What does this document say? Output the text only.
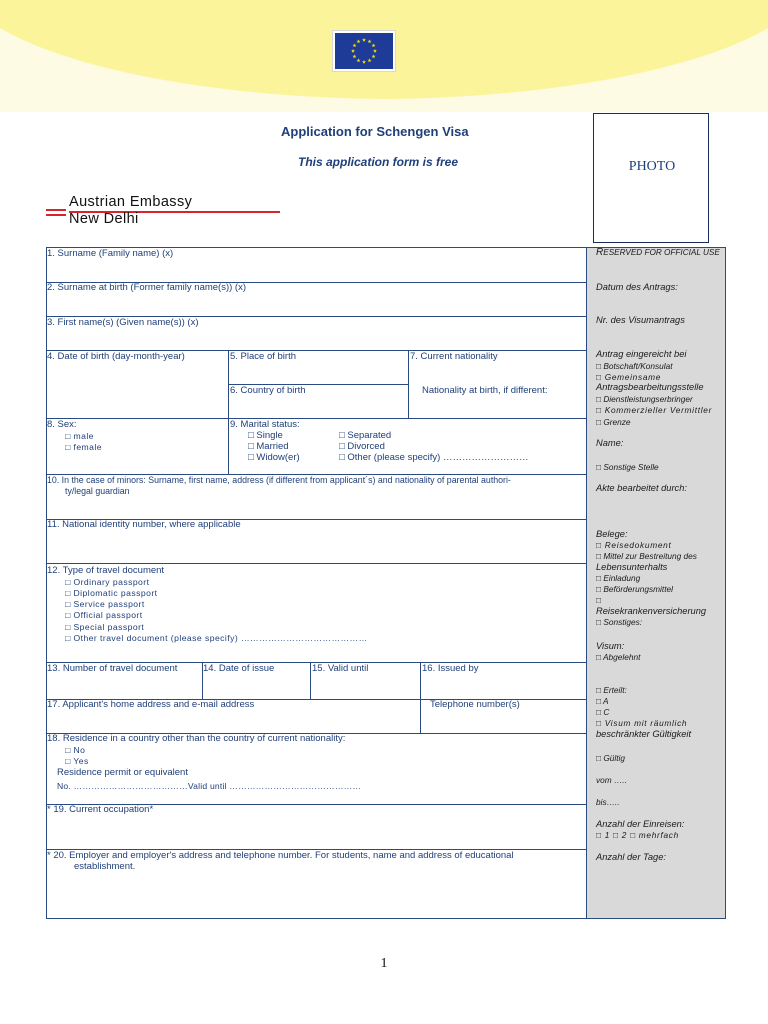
Application for Schengen Visa
This application form is free	PHOTO
Austrian Embassy
New Delhi
1. Surname (Family name) (x)
2. Surname at birth (Former family name(s)) (x)
3. First name(s) (Given name(s)) (x)
4. Date of birth (day-month-year)	5. Place of birth
6. Country of birth
7. Current nationality
Nationality at birth, if different:
8. Sex:
□ male
□ female
9. Marital status:
□ Single
□ Married
□ Widow(er)
□ Separated
□ Divorced
□ Other (please specify) ………………………
10. In the case of minors: Surname, first name, address (if different from applicant´s) and nationality of parental authori-
ty/legal guardian
11. National identity number, where applicable
12. Type of travel document
□ Ordinary passport
□ Diplomatic passport
□ Service passport
□ Official passport
□ Special passport
□ Other travel document (please specify) ……………………………………
13. Number of travel document	14. Date of issue	15. Valid until	16. Issued by
17. Applicant's home address and e-mail address	Telephone number(s)
18. Residence in a country other than the country of current nationality:
□ No
□ Yes
Residence permit or equivalent
No. …………………………………Valid until ………………………………………
* 19. Current occupation*
* 20. Employer and employer's address and telephone number. For students, name and address of educational
establishment.
RESERVED FOR OFFICIAL USE
Datum des Antrags:
Nr. des Visumantrags
Antrag eingereicht bei
□ Botschaft/Konsulat
□ Gemeinsame
Antragsbearbeitungsstelle
□ Dienstleistungserbringer
□ Kommerzieller Vermittler
□ Grenze
Name:
□ Sonstige Stelle
Akte bearbeitet durch:
Belege:
□ Reisedokument
□ Mittel zur Bestreitung des
Lebensunterhalts
□ Einladung
□ Beförderungsmittel
□
Reisekrankenversicherung
□ Sonstiges:
Visum:
□ Abgelehnt
□ Erteilt:
□ A
□ C
□ Visum mit räumlich
beschränkter Gültigkeit
□ Gültig
vom …..
bis…..
Anzahl der Einreisen:
□ 1 □ 2 □ mehrfach
Anzahl der Tage:
1
